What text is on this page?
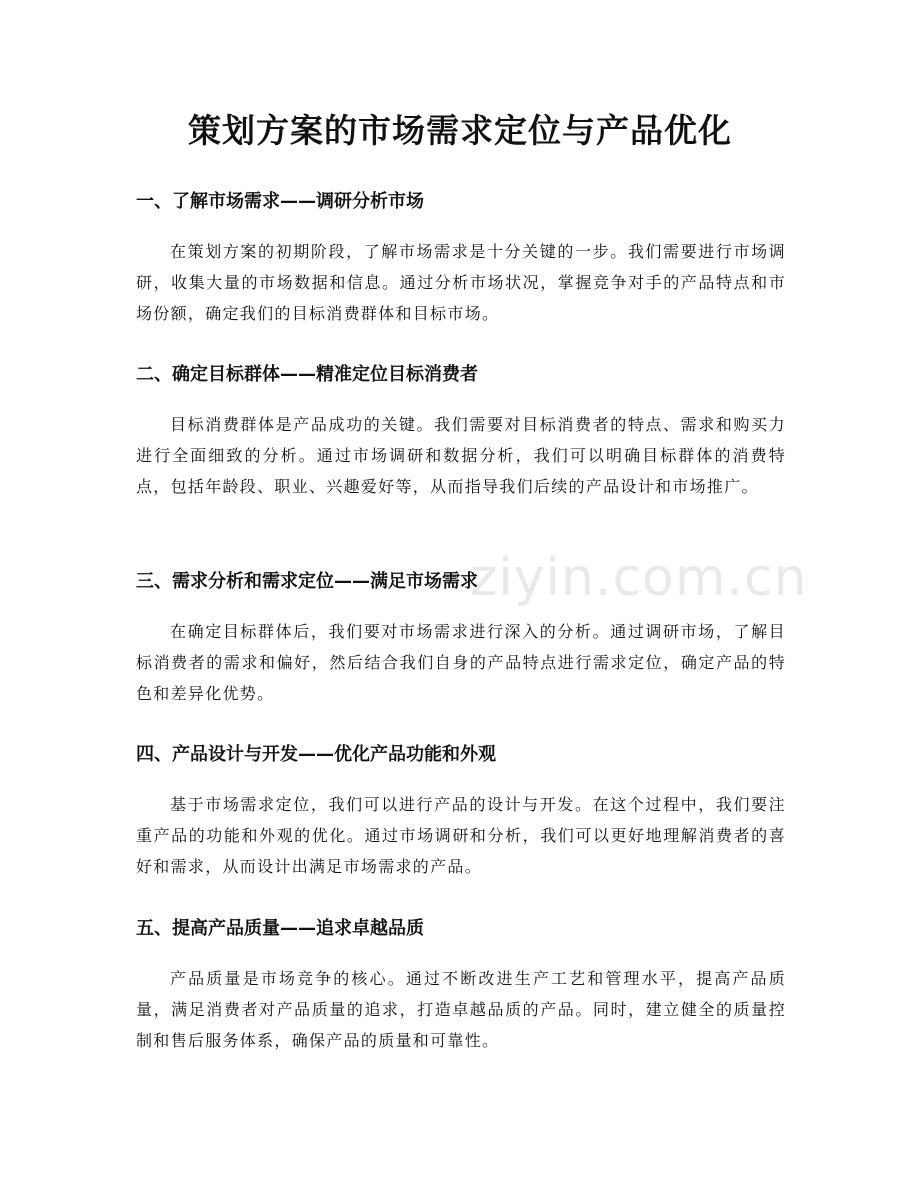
策划方案的市场需求定位与产品优化
ziyin.com.cn
一、了解市场需求——调研分析市场

在策划方案的初期阶段，了解市场需求是十分关键的一步。我们需要进行市场调研，收集大量的市场数据和信息。通过分析市场状况，掌握竞争对手的产品特点和市场份额，确定我们的目标消费群体和目标市场。

二、确定目标群体——精准定位目标消费者

目标消费群体是产品成功的关键。我们需要对目标消费者的特点、需求和购买力进行全面细致的分析。通过市场调研和数据分析，我们可以明确目标群体的消费特点，包括年龄段、职业、兴趣爱好等，从而指导我们后续的产品设计和市场推广。

三、需求分析和需求定位——满足市场需求

在确定目标群体后，我们要对市场需求进行深入的分析。通过调研市场，了解目标消费者的需求和偏好，然后结合我们自身的产品特点进行需求定位，确定产品的特色和差异化优势。

四、产品设计与开发——优化产品功能和外观

基于市场需求定位，我们可以进行产品的设计与开发。在这个过程中，我们要注重产品的功能和外观的优化。通过市场调研和分析，我们可以更好地理解消费者的喜好和需求，从而设计出满足市场需求的产品。

五、提高产品质量——追求卓越品质

产品质量是市场竞争的核心。通过不断改进生产工艺和管理水平，提高产品质量，满足消费者对产品质量的追求，打造卓越品质的产品。同时，建立健全的质量控制和售后服务体系，确保产品的质量和可靠性。
